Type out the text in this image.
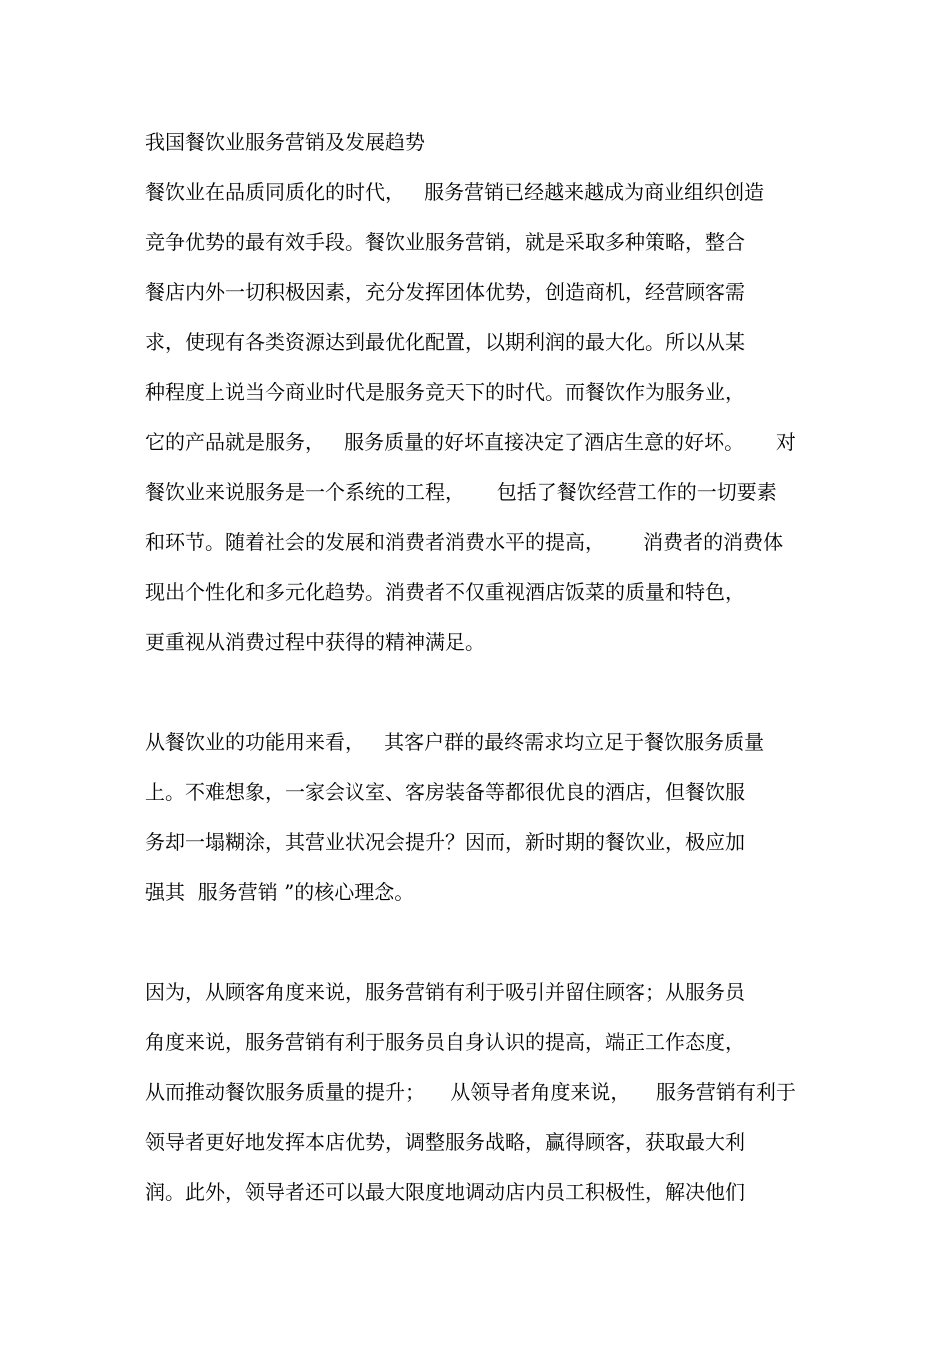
我国餐饮业服务营销及发展趋势
餐饮业在品质同质化的时代，   服务营销已经越来越成为商业组织创造
竞争优势的最有效手段。餐饮业服务营销，就是采取多种策略，整合
餐店内外一切积极因素，充分发挥团体优势，创造商机，经营顾客需
求，使现有各类资源达到最优化配置，以期利润的最大化。所以从某
种程度上说当今商业时代是服务竞天下的时代。而餐饮作为服务业，
它的产品就是服务，   服务质量的好坏直接决定了酒店生意的好坏。     对
餐饮业来说服务是一个系统的工程，     包括了餐饮经营工作的一切要素
和环节。随着社会的发展和消费者消费水平的提高，      消费者的消费体
现出个性化和多元化趋势。消费者不仅重视酒店饭菜的质量和特色，
更重视从消费过程中获得的精神满足。
从餐饮业的功能用来看，   其客户群的最终需求均立足于餐饮服务质量
上。不难想象，一家会议室、客房装备等都很优良的酒店，但餐饮服
务却一塌糊涂，其营业状况会提升？因而，新时期的餐饮业，极应加
强其  服务营销 ”的核心理念。
因为，从顾客角度来说，服务营销有利于吸引并留住顾客；从服务员
角度来说，服务营销有利于服务员自身认识的提高，端正工作态度，
从而推动餐饮服务质量的提升；    从领导者角度来说，    服务营销有利于
领导者更好地发挥本店优势，调整服务战略，赢得顾客，获取最大利
润。此外，领导者还可以最大限度地调动店内员工积极性，解决他们
